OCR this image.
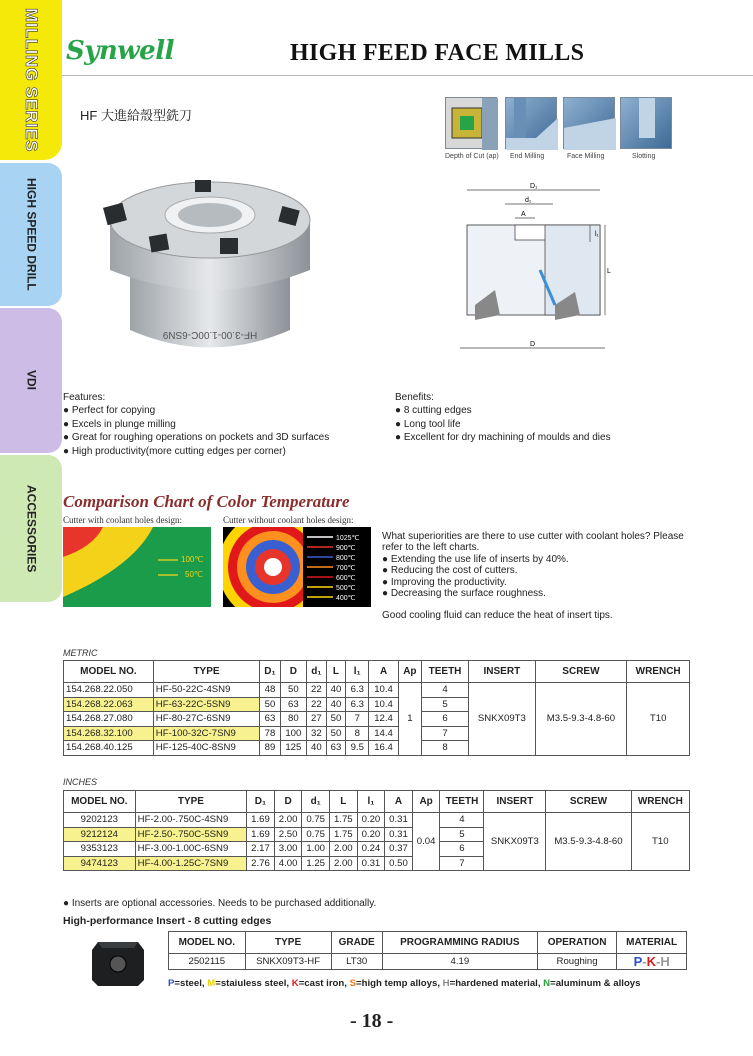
MILLING SERIES
HIGH SPEED DRILL
VDI
ACCESSORIES
Synwell	HIGH FEED FACE MILLS
HF 大進給殼型銑刀
Depth of Cut (ap) End Milling	Face Milling	Slotting
HF-3.00-1.00C-6SN9
D₁
d₁
A
l₁
L
D
Features:
● Perfect for copying
● Excels in plunge milling
● Great for roughing operations on pockets and 3D surfaces
● High productivity(more cutting edges per corner)
Benefits:
● 8 cutting edges
● Long tool life
● Excellent for dry machining of moulds and dies
Comparison Chart of Color Temperature
Cutter with coolant holes design:	Cutter without coolant holes design:
100℃
50℃
1025℃
900℃
800℃
700℃
600℃
500℃
400℃

What superiorities are there to use cutter with coolant holes? Please refer to the left charts.

● Extending the use life of inserts by 40%.

● Reducing the cost of cutters.

● Improving the productivity.

● Decreasing the surface roughness.

Good cooling fluid can reduce the heat of insert tips.

METRIC
MODEL NO.	TYPE	D₁	D	d₁	L	l₁	A	Ap	TEETH	INSERT	SCREW	WRENCH
154.268.22.050	HF-50-22C-4SN9	48	50	22	40	6.3	10.4	1	4	SNKX09T3	M3.5-9.3-4.8-60	T10
154.268.22.063	HF-63-22C-5SN9	50	63	22	40	6.3	10.4		5			
154.268.27.080	HF-80-27C-6SN9	63	80	27	50	7	12.4		6			
154.268.32.100	HF-100-32C-7SN9	78	100	32	50	8	14.4		7			
154.268.40.125	HF-125-40C-8SN9	89	125	40	63	9.5	16.4		8			
INCHES
MODEL NO.	TYPE	D₁	D	d₁	L	l₁	A	Ap	TEETH	INSERT	SCREW	WRENCH
9202123	HF-2.00-.750C-4SN9	1.69	2.00	0.75	1.75	0.20	0.31	0.04	4	SNKX09T3	M3.5-9.3-4.8-60	T10
9212124	HF-2.50-.750C-5SN9	1.69	2.50	0.75	1.75	0.20	0.31		5			
9353123	HF-3.00-1.00C-6SN9	2.17	3.00	1.00	2.00	0.24	0.37		6			
9474123	HF-4.00-1.25C-7SN9	2.76	4.00	1.25	2.00	0.31	0.50		7			
● Inserts are optional accessories. Needs to be purchased additionally.
High-performance Insert - 8 cutting edges
MODEL NO.	TYPE	GRADE	PROGRAMMING RADIUS	OPERATION	MATERIAL
2502115	SNKX09T3-HF	LT30	4.19	Roughing	P-K-H
P=steel, M=staiuless steel, K=cast iron, S=high temp alloys, H=hardened material, N=aluminum & alloys
- 18 -
